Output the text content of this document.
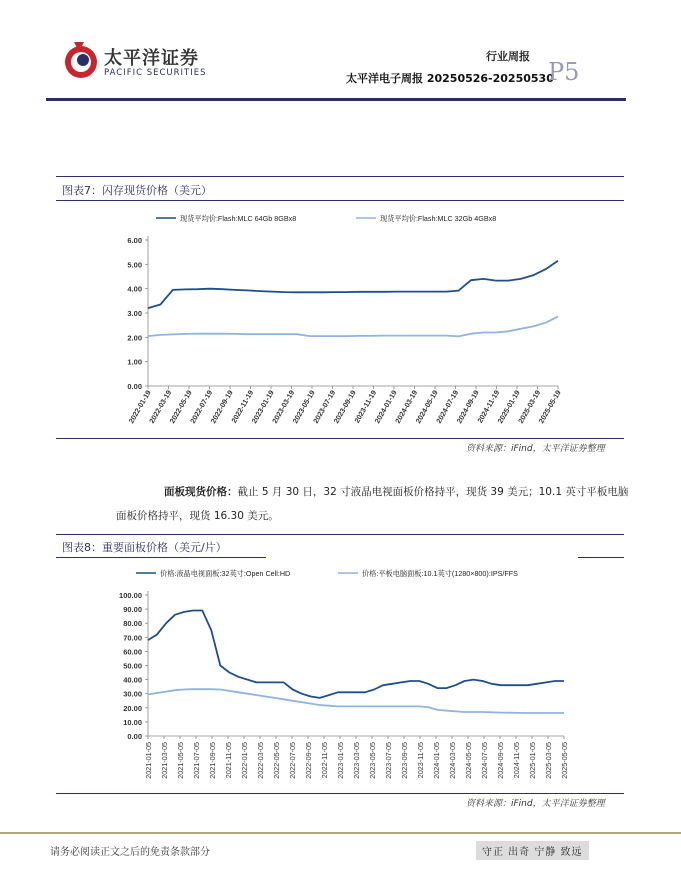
太平洋证券
PACIFIC SECURITIES
行业周报
太平洋电子周报 20250526-20250530
P5
图表7：闪存现货价格（美元）
现货平均价:Flash:MLC 64Gb 8GBx8	现货平均价:Flash:MLC 32Gb 4GBx8
0.00
1.00
2.00
3.00
4.00
5.00
6.00
2022-01-19
2022-03-19
2022-05-19
2022-07-19
2022-09-19
2022-11-19
2023-01-19
2023-03-19
2023-05-19
2023-07-19
2023-09-19
2023-11-19
2024-01-19
2024-03-19
2024-05-19
2024-07-19
2024-09-19
2024-11-19
2025-01-19
2025-03-19
2025-05-19
资料来源：iFind，太平洋证券整理
面板现货价格：截止 5 月 30 日，32 寸液晶电视面板价格持平，现货 39 美元；10.1 英寸平板电脑面板价格持平，现货 16.30 美元。
图表8：重要面板价格（美元/片）
价格:液晶电视面板:32英寸:Open Cell:HD	价格:平板电脑面板:10.1英寸(1280×800):IPS/FFS
0.00
10.00
20.00
30.00
40.00
50.00
60.00
70.00
80.00
90.00
100.00
2021-01-05 2021-03-05 2021-05-05 2021-07-05 2021-09-05 2021-11-05 2022-01-05 2022-03-05 2022-05-05 2022-07-05 2022-09-05 2022-11-05 2023-01-05 2023-03-05 2023-05-05 2023-07-05 2023-09-05 2023-11-05 2024-01-05 2024-03-05 2024-05-05 2024-07-05 2024-09-05 2024-11-05 2025-01-05 2025-03-05 2025-05-05
资料来源：iFind，太平洋证券整理
请务必阅读正文之后的免责条款部分	守正 出奇 宁静 致远
